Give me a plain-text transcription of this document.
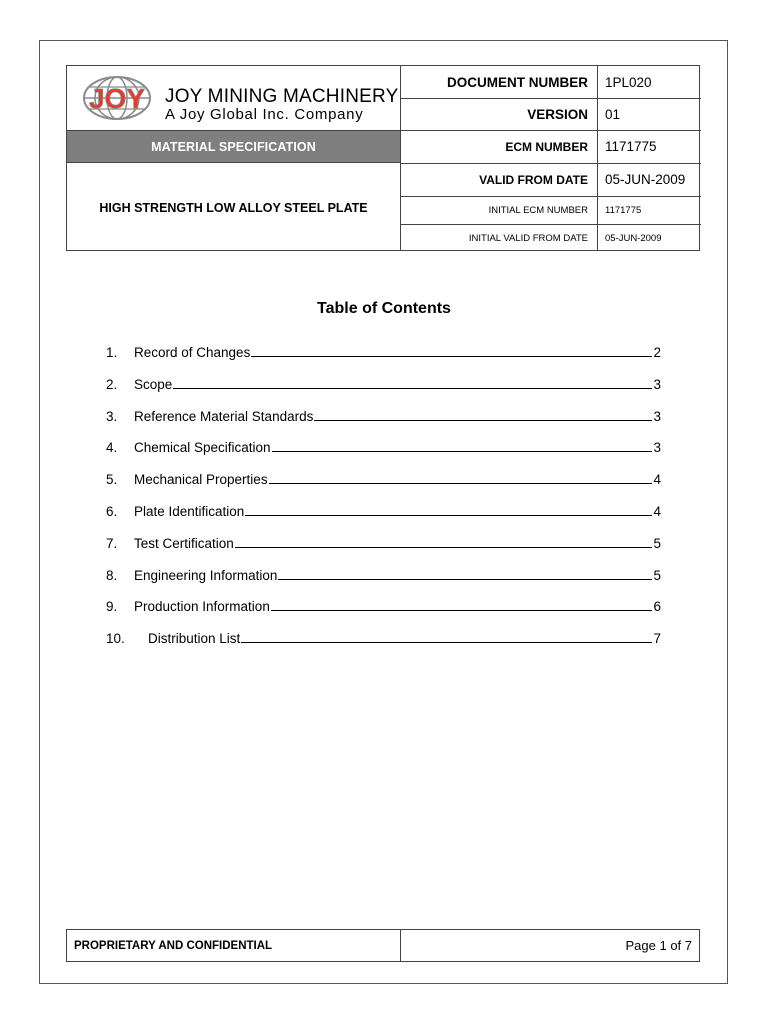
JOY JOY MINING MACHINERY
A Joy Global Inc. Company
MATERIAL SPECIFICATION
HIGH STRENGTH LOW ALLOY STEEL PLATE
DOCUMENT NUMBER	1PL020
VERSION	01
ECM NUMBER	1171775
VALID FROM DATE	05-JUN-2009
INITIAL ECM NUMBER	1171775
INITIAL VALID FROM DATE	05-JUN-2009
Table of Contents
1.	Record of Changes	2
2.	Scope	3
3.	Reference Material Standards	3
4.	Chemical Specification	3
5.	Mechanical Properties	4
6.	Plate Identification	4
7.	Test Certification	5
8.	Engineering Information	5
9.	Production Information	6
10.	Distribution List	7
PROPRIETARY AND CONFIDENTIAL	Page 1 of 7
